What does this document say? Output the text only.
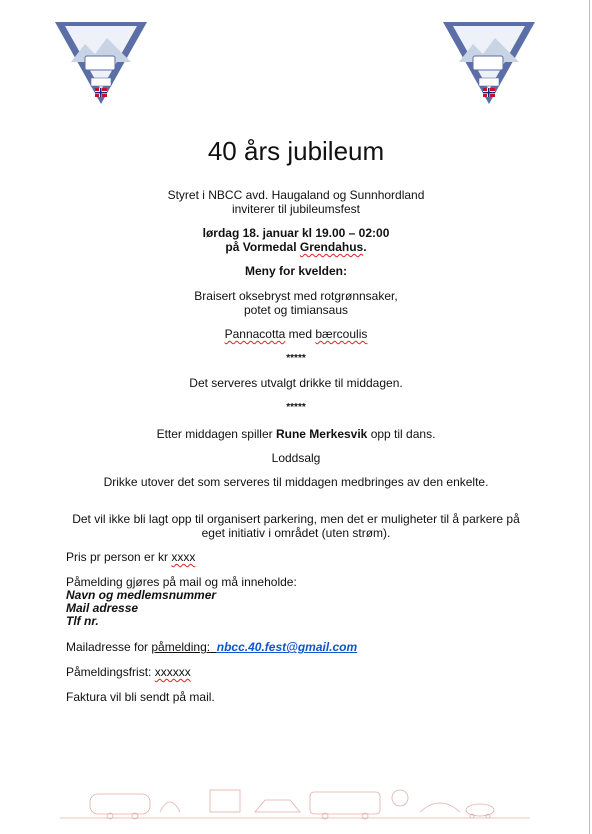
40 års jubileum
Styret i NBCC avd. Haugaland og Sunnhordland
inviterer til jubileumsfest
lørdag 18. januar kl 19.00 – 02:00
på Vormedal Grendahus.
Meny for kvelden:
Braisert oksebryst med rotgrønnsaker,
potet og timiansaus
Pannacotta med bærcoulis
*****
Det serveres utvalgt drikke til middagen.
*****
Etter middagen spiller Rune Merkesvik opp til dans.
Loddsalg
Drikke utover det som serveres til middagen medbringes av den enkelte.
Det vil ikke bli lagt opp til organisert parkering, men det er muligheter til å parkere på
eget initiativ i området (uten strøm).
Pris pr person er kr xxxx
Påmelding gjøres på mail og må inneholde:
Navn og medlemsnummer
Mail adresse
Tlf nr.
Mailadresse for påmelding: nbcc.40.fest@gmail.com
Påmeldingsfrist: xxxxxx
Faktura vil bli sendt på mail.
